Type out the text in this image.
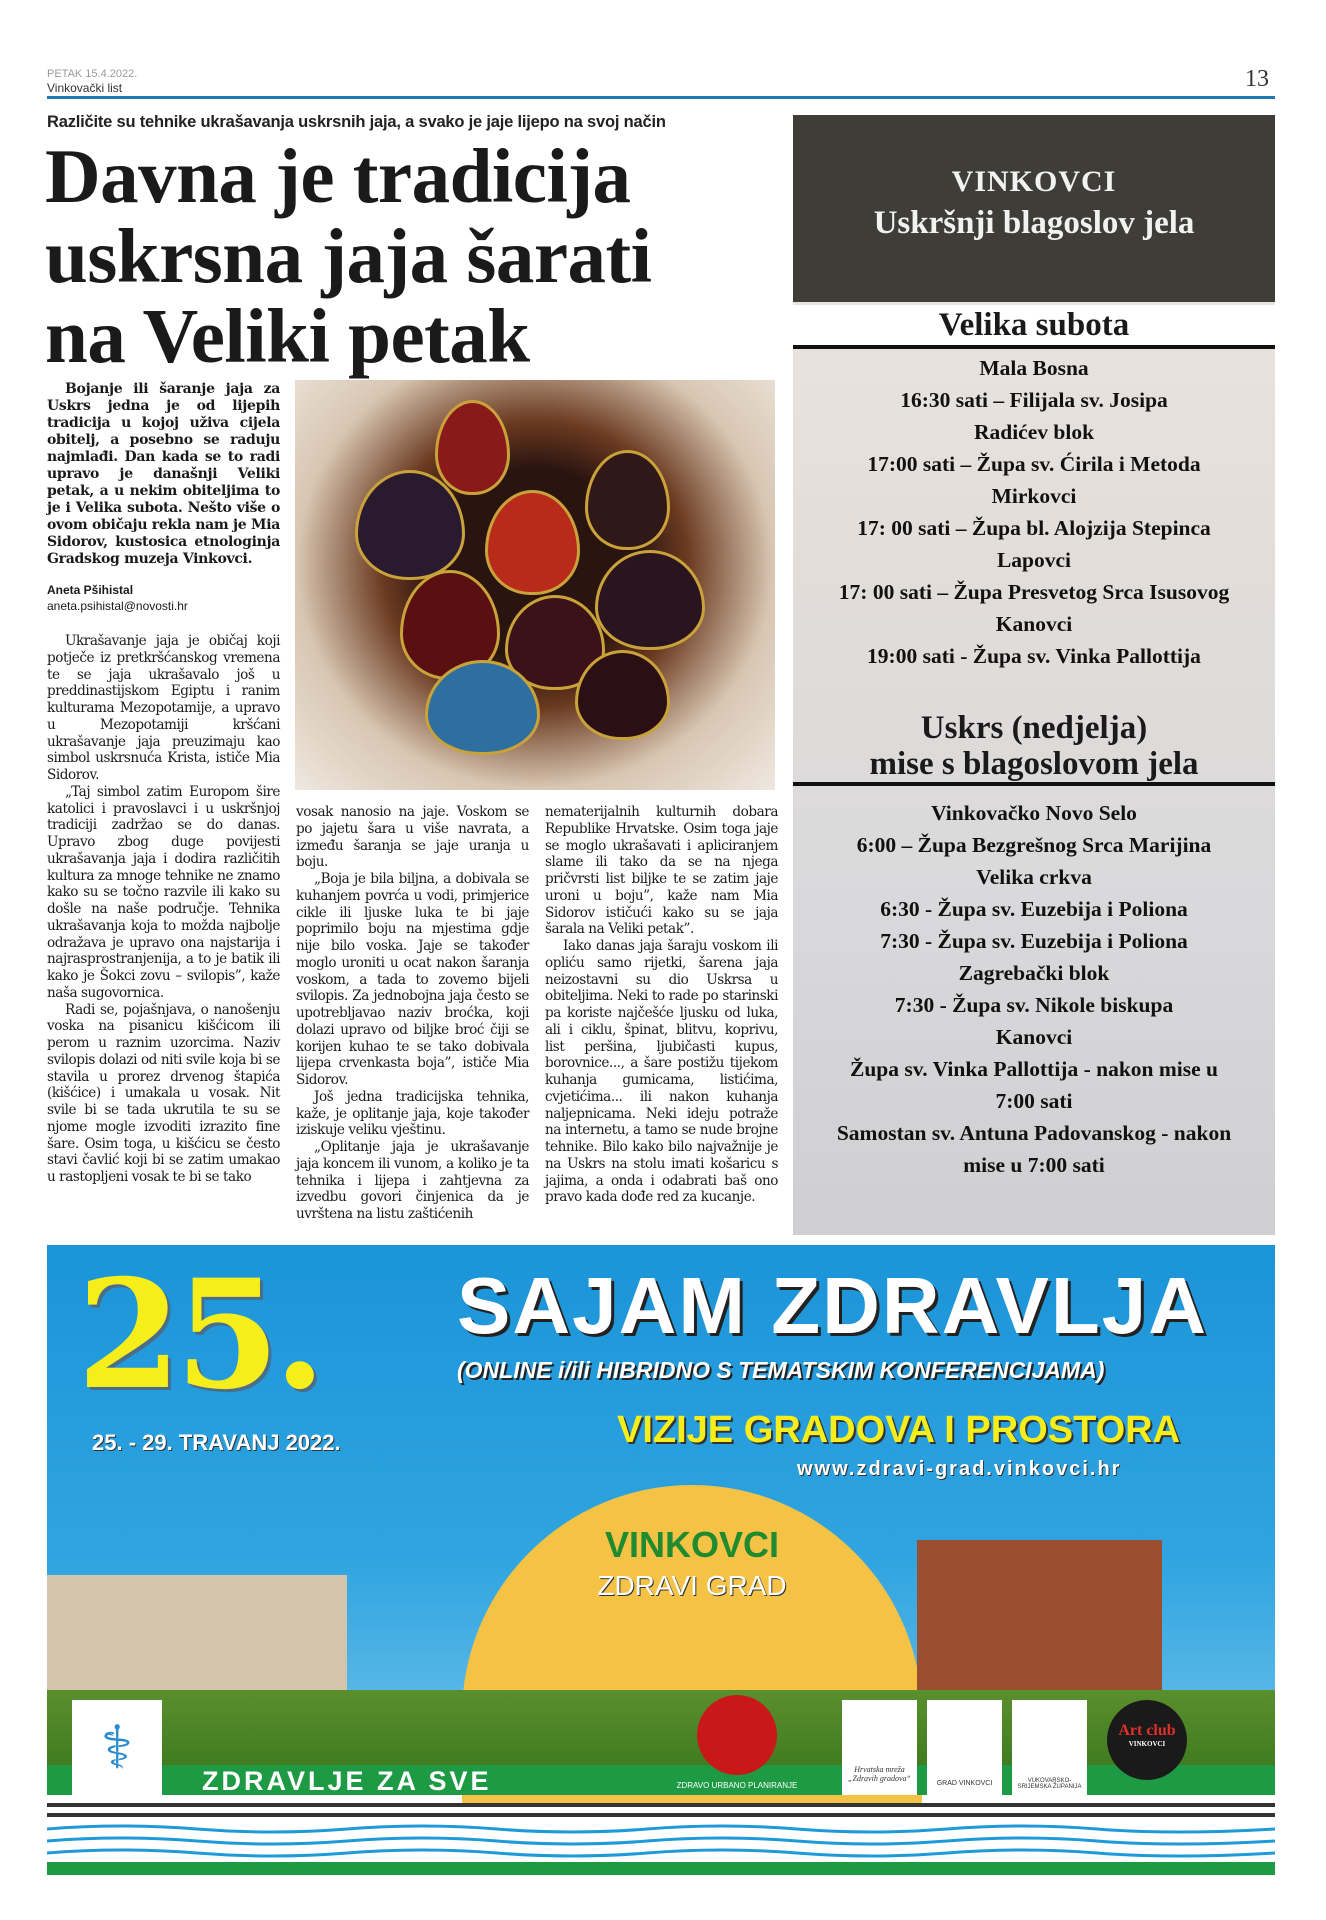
PETAK 15.4.2022.
Vinkovački list	13
Različite su tehnike ukrašavanja uskrsnih jaja, a svako je jaje lijepo na svoj način
Davna je tradicija
uskrsna jaja šarati
na Veliki petak
Bojanje ili šaranje jaja za Uskrs jedna je od lijepih tradicija u kojoj uživa cijela obitelj, a posebno se raduju najmlađi. Dan kada se to radi upravo je današnji Veliki petak, a u nekim obiteljima to je i Velika subota. Nešto više o ovom običaju rekla nam je Mia Sidorov, kustosica etnologinja Gradskog muzeja Vinkovci.
Aneta Pšihistal
aneta.psihistal@novosti.hr

Ukrašavanje jaja je običaj koji potječe iz pretkršćanskog vremena te se jaja ukrašavalo još u preddinastijskom Egiptu i ranim kulturama Mezopotamije, a upravo u Mezopotamiji kršćani ukrašavanje jaja preuzimaju kao simbol uskrsnuća Krista, ističe Mia Sidorov.

„Taj simbol zatim Europom šire katolici i pravoslavci i u uskršnjoj tradiciji zadržao se do danas. Upravo zbog duge povijesti ukrašavanja jaja i dodira različitih kultura za mnoge tehnike ne znamo kako su se točno razvile ili kako su došle na naše područje. Tehnika ukrašavanja koja to možda najbolje odražava je upravo ona najstarija i najrasprostranjenija, a to je batik ili kako je Šokci zovu – svilopis”, kaže naša sugovornica.

Radi se, pojašnjava, o nanošenju voska na pisanicu kišćicom ili perom u raznim uzorcima. Naziv svilopis dolazi od niti svile koja bi se stavila u prorez drvenog štapića (kišćice) i umakala u vosak. Nit svile bi se tada ukrutila te su se njome mogle izvoditi izrazito fine šare. Osim toga, u kišćicu se često stavi čavlić koji bi se zatim umakao u rastopljeni vosak te bi se tako

vosak nanosio na jaje. Voskom se po jajetu šara u više navrata, a između šaranja se jaje uranja u boju.

„Boja je bila biljna, a dobivala se kuhanjem povrća u vodi, primjerice cikle ili ljuske luka te bi jaje poprimilo boju na mjestima gdje nije bilo voska. Jaje se također moglo uroniti u ocat nakon šaranja voskom, a tada to zovemo bijeli svilopis. Za jednobojna jaja često se upotrebljavao naziv broćka, koji dolazi upravo od biljke broć čiji se korijen kuhao te se tako dobivala lijepa crvenkasta boja”, ističe Mia Sidorov.

Još jedna tradicijska tehnika, kaže, je oplitanje jaja, koje također iziskuje veliku vještinu.

„Oplitanje jaja je ukrašavanje jaja koncem ili vunom, a koliko je ta tehnika i lijepa i zahtjevna za izvedbu govori činjenica da je uvrštena na listu zaštićenih

nematerijalnih kulturnih dobara Republike Hrvatske. Osim toga jaje se moglo ukrašavati i apliciranjem slame ili tako da se na njega pričvrsti list biljke te se zatim jaje uroni u boju”, kaže nam Mia Sidorov ističući kako su se jaja šarala na Veliki petak”.

Iako danas jaja šaraju voskom ili opliću samo rijetki, šarena jaja neizostavni su dio Uskrsa u obiteljima. Neki to rade po starinski pa koriste najčešće ljusku od luka, ali i ciklu, špinat, blitvu, koprivu, list peršina, ljubičasti kupus, borovnice..., a šare postižu tijekom kuhanja gumicama, listićima, cvjetićima... ili nakon kuhanja naljepnicama. Neki ideju potraže na internetu, a tamo se nude brojne tehnike. Bilo kako bilo najvažnije je na Uskrs na stolu imati košaricu s jajima, a onda i odabrati baš ono pravo kada dođe red za kucanje.

VINKOVCI
Uskršnji blagoslov jela
Velika subota
Mala Bosna
16:30 sati – Filijala sv. Josipa
Radićev blok
17:00 sati – Župa sv. Ćirila i Metoda
Mirkovci
17: 00 sati – Župa bl. Alojzija Stepinca
Lapovci
17: 00 sati – Župa Presvetog Srca Isusovog
Kanovci
19:00 sati - Župa sv. Vinka Pallottija
Uskrs (nedjelja)
mise s blagoslovom jela
Vinkovačko Novo Selo
6:00 – Župa Bezgrešnog Srca Marijina
Velika crkva
6:30 - Župa sv. Euzebija i Poliona
7:30 - Župa sv. Euzebija i Poliona
Zagrebački blok
7:30 - Župa sv. Nikole biskupa
Kanovci
Župa sv. Vinka Pallottija - nakon mise u
7:00 sati
Samostan sv. Antuna Padovanskog - nakon
mise u 7:00 sati
25.
25. - 29. TRAVANJ 2022.
SAJAM ZDRAVLJA
(ONLINE i/ili HIBRIDNO S TEMATSKIM KONFERENCIJAMA)
VIZIJE GRADOVA I PROSTORA
www.zdravi-grad.vinkovci.hr
VINKOVCI
ZDRAVI GRAD
ZDRAVLJE ZA SVE
⚕
ZDRAVO URBANO PLANIRANJE
Hrvatska mreža „Zdravih gradova“
GRAD VINKOVCI	VUKOVARSKO-SRIJEMSKA ŽUPANIJA
Art club
VINKOVCI
